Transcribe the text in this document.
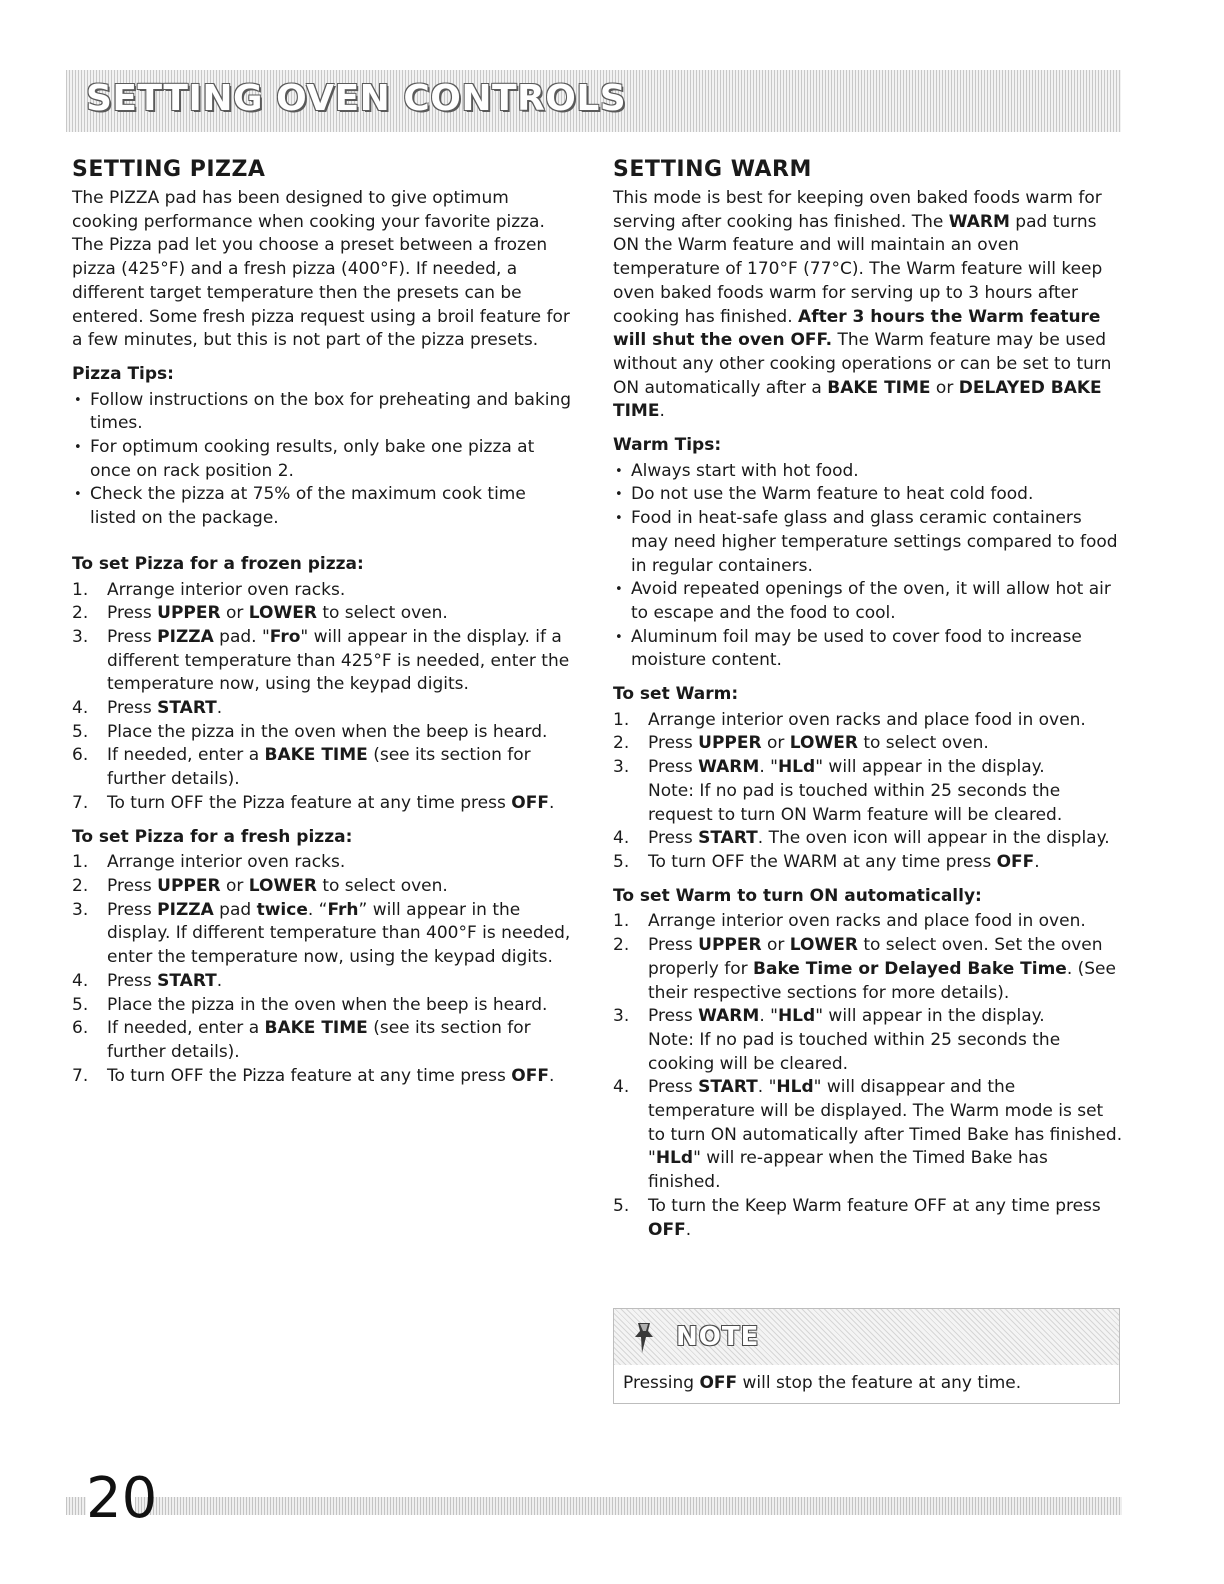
SETTING OVEN CONTROLS
SETTING PIZZA

The PIZZA pad has been designed to give optimum cooking performance when cooking your favorite pizza. The Pizza pad let you choose a preset between a frozen pizza (425°F) and a fresh pizza (400°F). If needed, a different target temperature then the presets can be entered. Some fresh pizza request using a broil feature for a few minutes, but this is not part of the pizza presets.

Pizza Tips:
• Follow instructions on the box for preheating and baking times.
• For optimum cooking results, only bake one pizza at once on rack position 2.
• Check the pizza at 75% of the maximum cook time listed on the package.
To set Pizza for a frozen pizza:
1. Arrange interior oven racks.
2. Press UPPER or LOWER to select oven.
3. Press PIZZA pad. "Fro" will appear in the display. if a different temperature than 425°F is needed, enter the temperature now, using the keypad digits.
4. Press START.
5. Place the pizza in the oven when the beep is heard.
6. If needed, enter a BAKE TIME (see its section for further details).
7. To turn OFF the Pizza feature at any time press OFF.
To set Pizza for a fresh pizza:
1. Arrange interior oven racks.
2. Press UPPER or LOWER to select oven.
3. Press PIZZA pad twice. “Frh” will appear in the display. If different temperature than 400°F is needed, enter the temperature now, using the keypad digits.
4. Press START.
5. Place the pizza in the oven when the beep is heard.
6. If needed, enter a BAKE TIME (see its section for further details).
7. To turn OFF the Pizza feature at any time press OFF.
SETTING WARM

This mode is best for keeping oven baked foods warm for serving after cooking has finished. The WARM pad turns ON the Warm feature and will maintain an oven temperature of 170°F (77°C). The Warm feature will keep oven baked foods warm for serving up to 3 hours after cooking has finished. After 3 hours the Warm feature will shut the oven OFF. The Warm feature may be used without any other cooking operations or can be set to turn ON automatically after a BAKE TIME or DELAYED BAKE TIME.

Warm Tips:
• Always start with hot food.
• Do not use the Warm feature to heat cold food.
• Food in heat-safe glass and glass ceramic containers may need higher temperature settings compared to food in regular containers.
• Avoid repeated openings of the oven, it will allow hot air to escape and the food to cool.
• Aluminum foil may be used to cover food to increase moisture content.
To set Warm:
1. Arrange interior oven racks and place food in oven.
2. Press UPPER or LOWER to select oven.
3. Press WARM. "HLd" will appear in the display.
Note: If no pad is touched within 25 seconds the request to turn ON Warm feature will be cleared.
4. Press START. The oven icon will appear in the display.
5. To turn OFF the WARM at any time press OFF.
To set Warm to turn ON automatically:
1. Arrange interior oven racks and place food in oven.
2. Press UPPER or LOWER to select oven. Set the oven properly for Bake Time or Delayed Bake Time. (See their respective sections for more details).
3. Press WARM. "HLd" will appear in the display.
Note: If no pad is touched within 25 seconds the cooking will be cleared.
4. Press START. "HLd" will disappear and the temperature will be displayed. The Warm mode is set to turn ON automatically after Timed Bake has finished. "HLd" will re-appear when the Timed Bake has finished.
5. To turn the Keep Warm feature OFF at any time press OFF.
NOTE
Pressing OFF will stop the feature at any time.
20
